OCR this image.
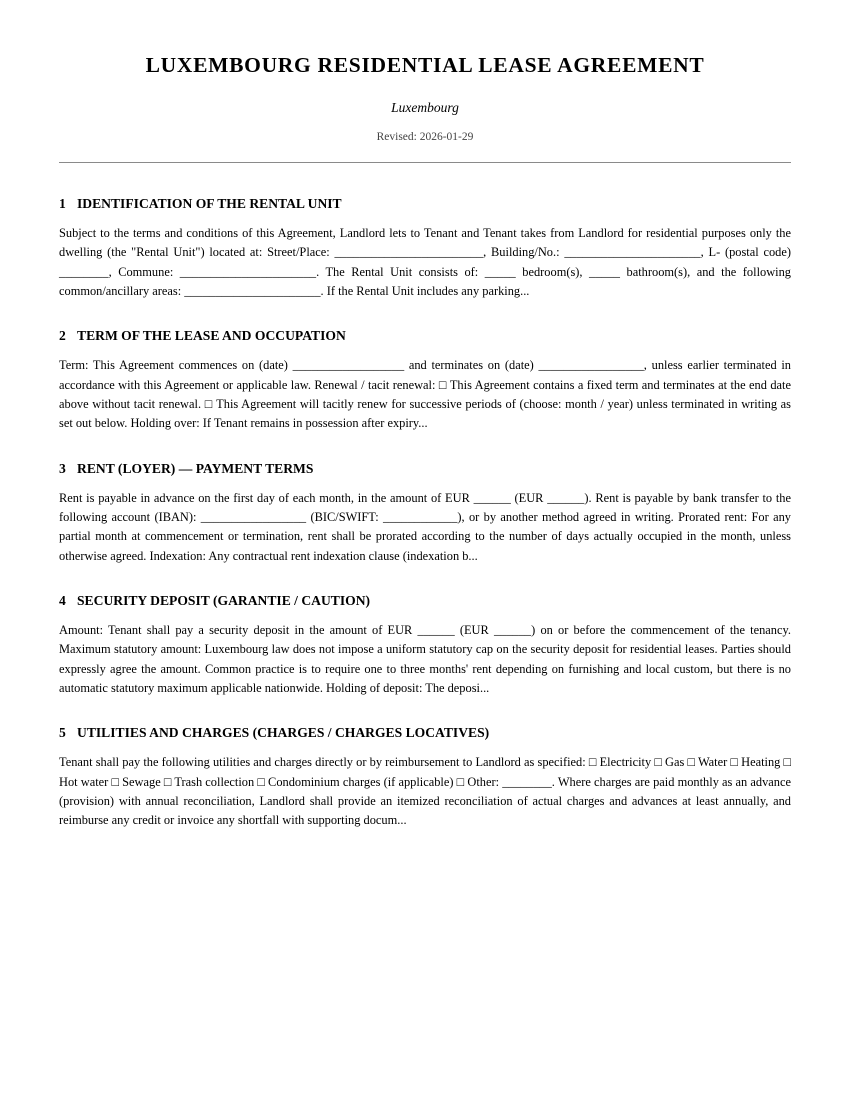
LUXEMBOURG RESIDENTIAL LEASE AGREEMENT
Luxembourg
Revised: 2026-01-29
1 IDENTIFICATION OF THE RENTAL UNIT

Subject to the terms and conditions of this Agreement, Landlord lets to Tenant and Tenant takes from Landlord for residential purposes only the dwelling (the "Rental Unit") located at: Street/Place: ________________________, Building/No.: ______________________, L- (postal code) ________, Commune: ______________________. The Rental Unit consists of: _____ bedroom(s), _____ bathroom(s), and the following common/ancillary areas: ______________________. If the Rental Unit includes any parking...

2 TERM OF THE LEASE AND OCCUPATION

Term: This Agreement commences on (date) __________________ and terminates on (date) _________________, unless earlier terminated in accordance with this Agreement or applicable law. Renewal / tacit renewal: □ This Agreement contains a fixed term and terminates at the end date above without tacit renewal. □ This Agreement will tacitly renew for successive periods of (choose: month / year) unless terminated in writing as set out below. Holding over: If Tenant remains in possession after expiry...

3 RENT (LOYER) — PAYMENT TERMS

Rent is payable in advance on the first day of each month, in the amount of EUR ______ (EUR ______). Rent is payable by bank transfer to the following account (IBAN): _________________ (BIC/SWIFT: ____________), or by another method agreed in writing. Prorated rent: For any partial month at commencement or termination, rent shall be prorated according to the number of days actually occupied in the month, unless otherwise agreed. Indexation: Any contractual rent indexation clause (indexation b...

4 SECURITY DEPOSIT (GARANTIE / CAUTION)

Amount: Tenant shall pay a security deposit in the amount of EUR ______ (EUR ______) on or before the commencement of the tenancy. Maximum statutory amount: Luxembourg law does not impose a uniform statutory cap on the security deposit for residential leases. Parties should expressly agree the amount. Common practice is to require one to three months' rent depending on furnishing and local custom, but there is no automatic statutory maximum applicable nationwide. Holding of deposit: The deposi...

5 UTILITIES AND CHARGES (CHARGES / CHARGES LOCATIVES)

Tenant shall pay the following utilities and charges directly or by reimbursement to Landlord as specified: □ Electricity □ Gas □ Water □ Heating □ Hot water □ Sewage □ Trash collection □ Condominium charges (if applicable) □ Other: ________. Where charges are paid monthly as an advance (provision) with annual reconciliation, Landlord shall provide an itemized reconciliation of actual charges and advances at least annually, and reimburse any credit or invoice any shortfall with supporting docum...
